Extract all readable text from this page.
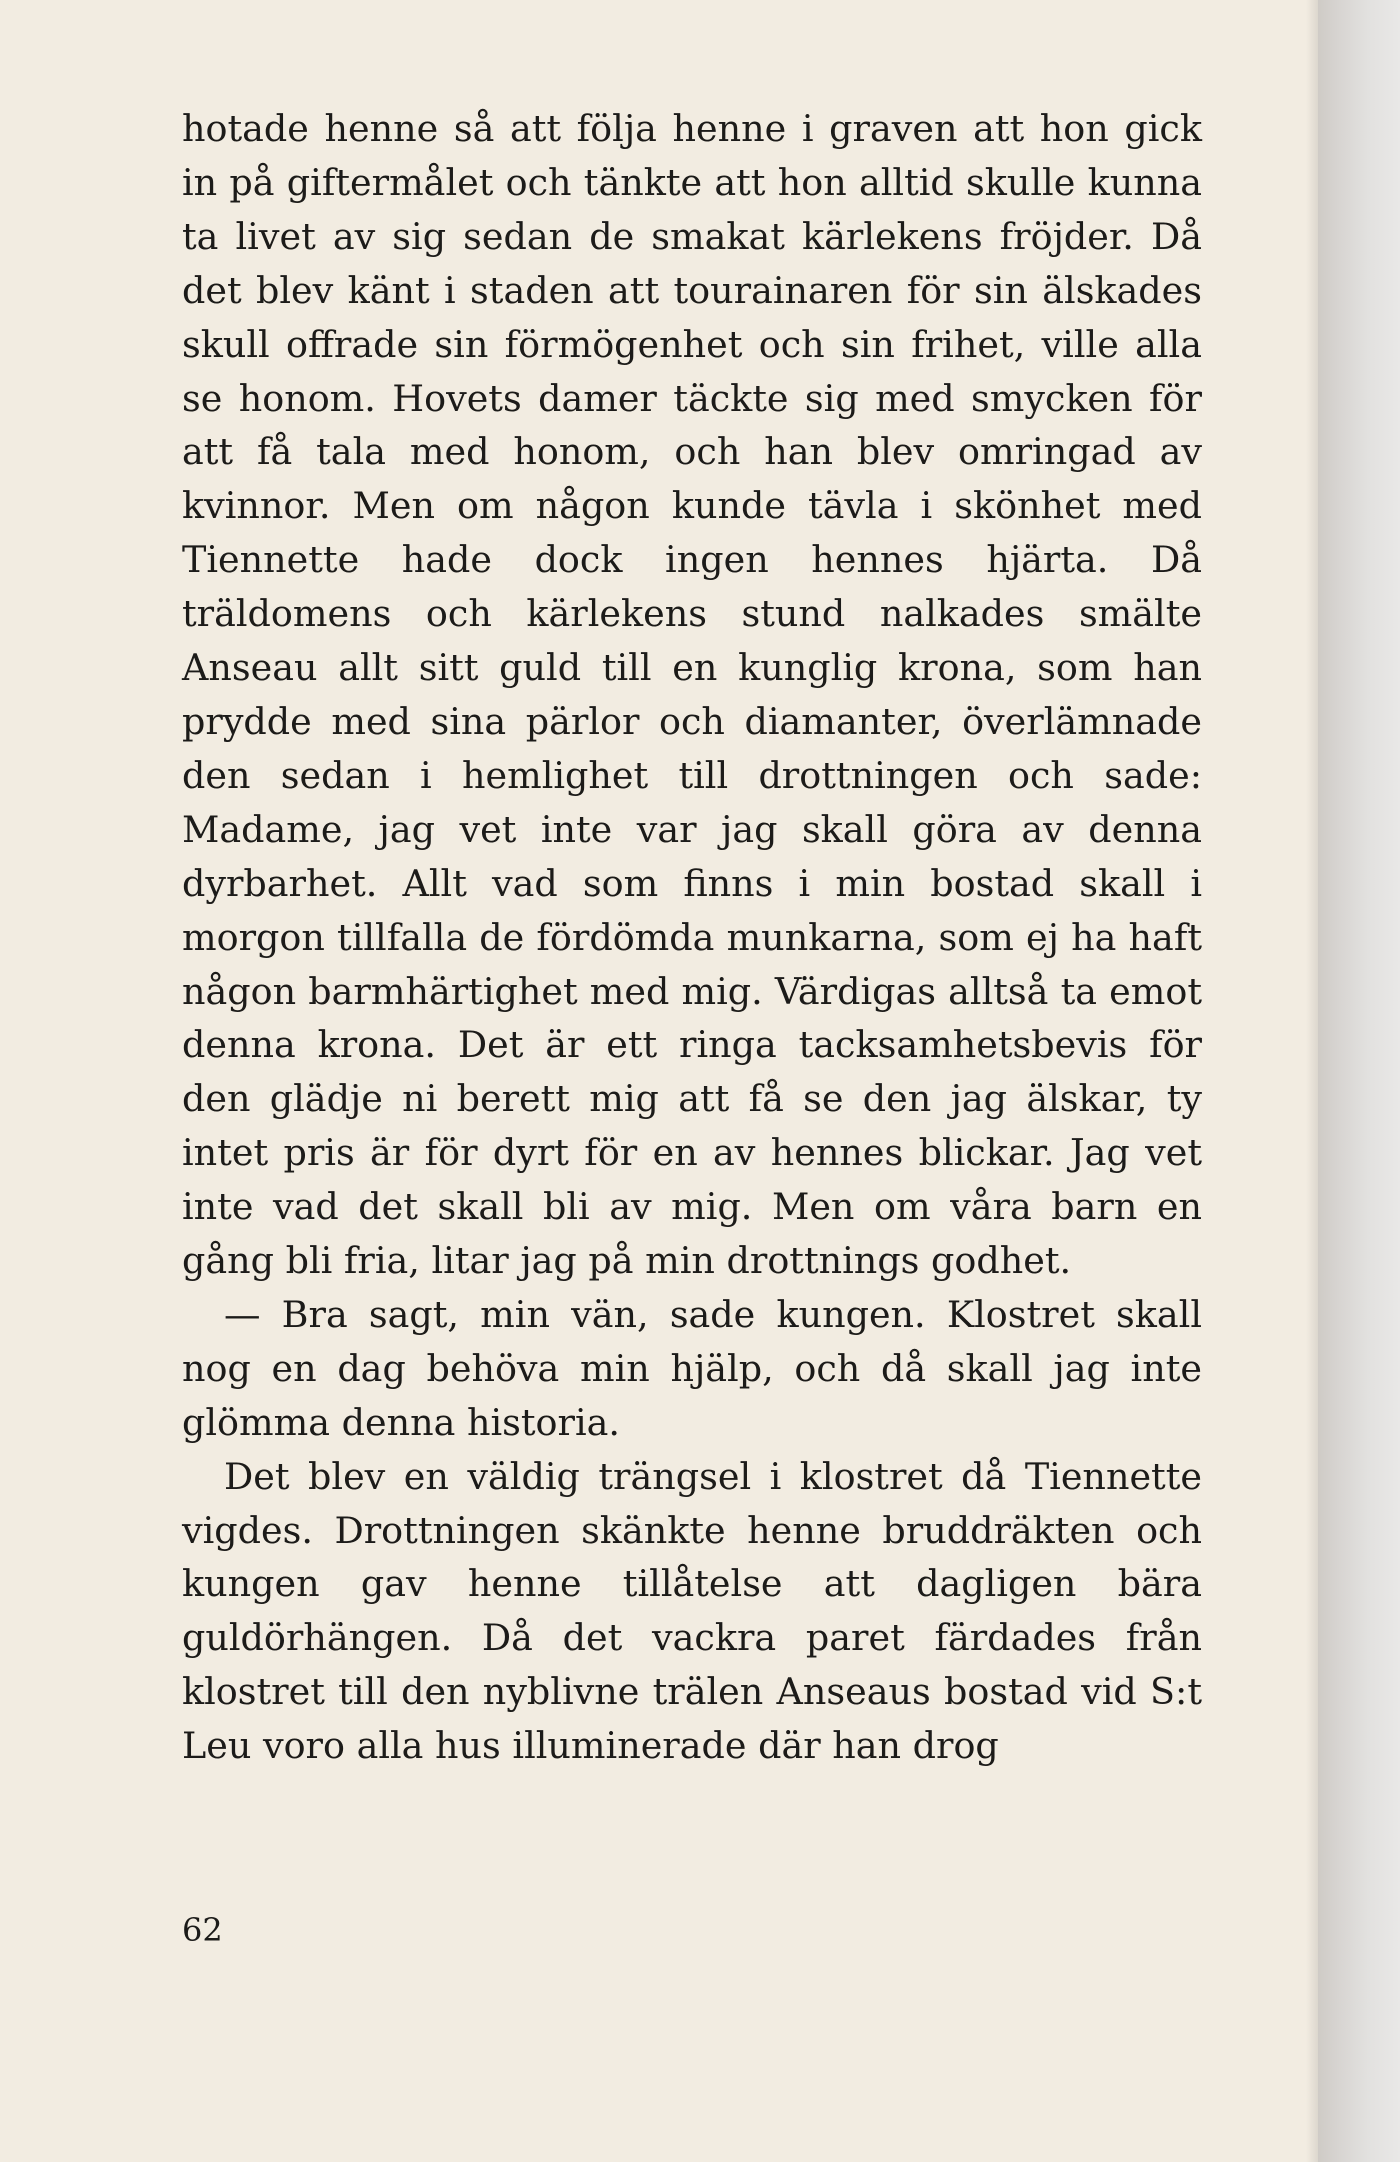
hotade henne så att följa henne i graven att hon gick in på giftermålet och tänkte att hon alltid skulle kunna ta livet av sig sedan de smakat kärlekens fröjder. Då det blev känt i staden att tourainaren för sin älskades skull offrade sin förmögenhet och sin frihet, ville alla se honom. Hovets damer täckte sig med smycken för att få tala med honom, och han blev omringad av kvinnor. Men om någon kunde tävla i skönhet med Tiennette hade dock ingen hennes hjärta. Då träldomens och kärlekens stund nalkades smälte Anseau allt sitt guld till en kunglig krona, som han prydde med sina pärlor och diamanter, överlämnade den sedan i hemlighet till drottningen och sade: Madame, jag vet inte var jag skall göra av denna dyrbarhet. Allt vad som finns i min bostad skall i morgon tillfalla de fördömda munkarna, som ej ha haft någon barmhärtighet med mig. Värdigas alltså ta emot denna krona. Det är ett ringa tacksamhetsbevis för den glädje ni berett mig att få se den jag älskar, ty intet pris är för dyrt för en av hennes blickar. Jag vet inte vad det skall bli av mig. Men om våra barn en gång bli fria, litar jag på min drottnings godhet.

— Bra sagt, min vän, sade kungen. Klostret skall nog en dag behöva min hjälp, och då skall jag inte glömma denna historia.

Det blev en väldig trängsel i klostret då Tiennette vigdes. Drottningen skänkte henne bruddräkten och kungen gav henne tillåtelse att dagligen bära guldörhängen. Då det vackra paret färdades från klostret till den nyblivne trälen Anseaus bostad vid S:t Leu voro alla hus illuminerade där han drog

62
